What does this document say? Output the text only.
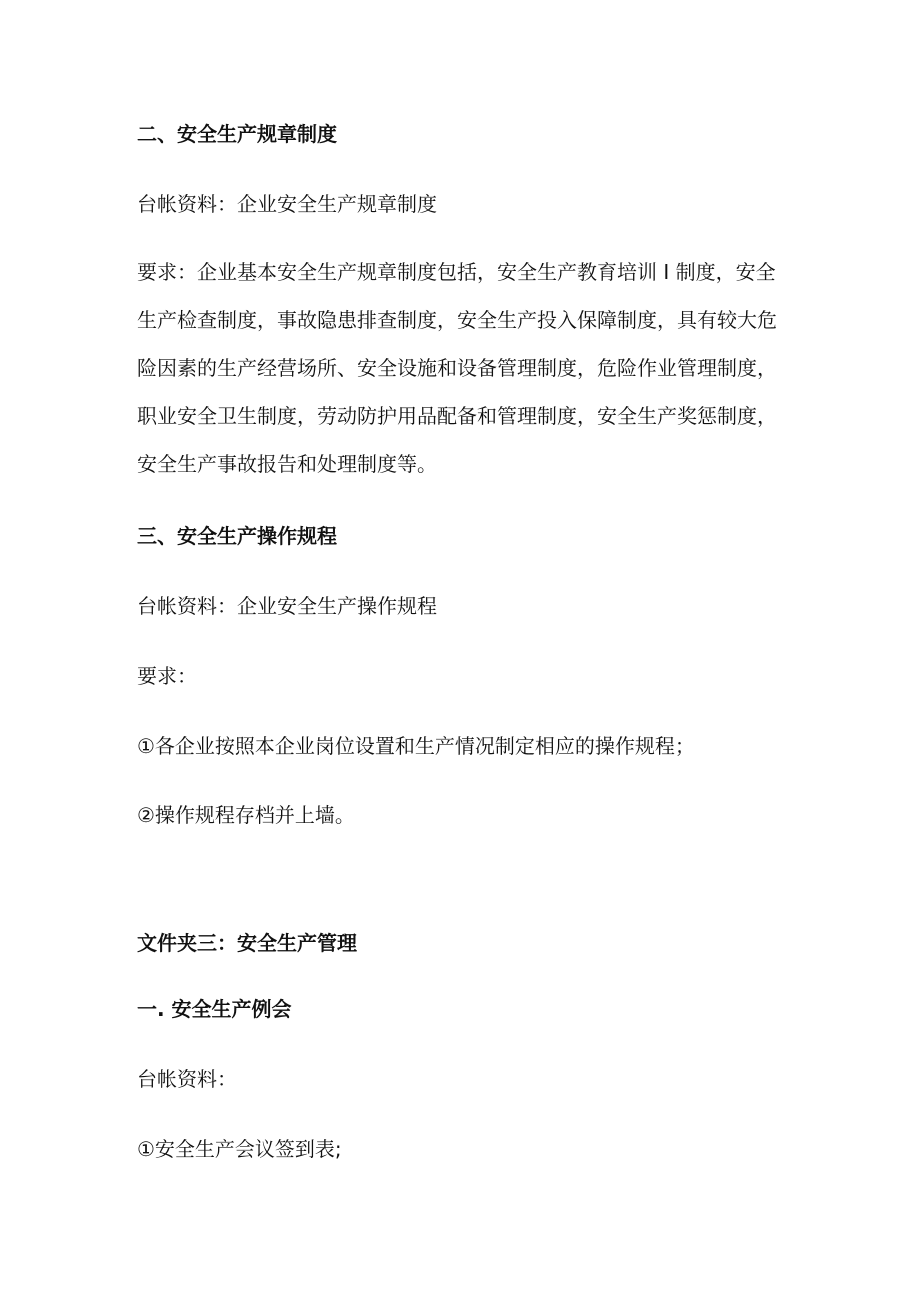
二、安全生产规章制度

台帐资料：企业安全生产规章制度

要求：企业基本安全生产规章制度包括，安全生产教育培训 I 制度，安全
生产检查制度，事故隐患排查制度，安全生产投入保障制度，具有较大危
险因素的生产经营场所、安全设施和设备管理制度，危险作业管理制度，
职业安全卫生制度，劳动防护用品配备和管理制度，安全生产奖惩制度，
安全生产事故报告和处理制度等。

三、安全生产操作规程

台帐资料：企业安全生产操作规程

要求：

①各企业按照本企业岗位设置和生产情况制定相应的操作规程；

②操作规程存档并上墙。

文件夹三：安全生产管理

一. 安全生产例会

台帐资料：

①安全生产会议签到表;
